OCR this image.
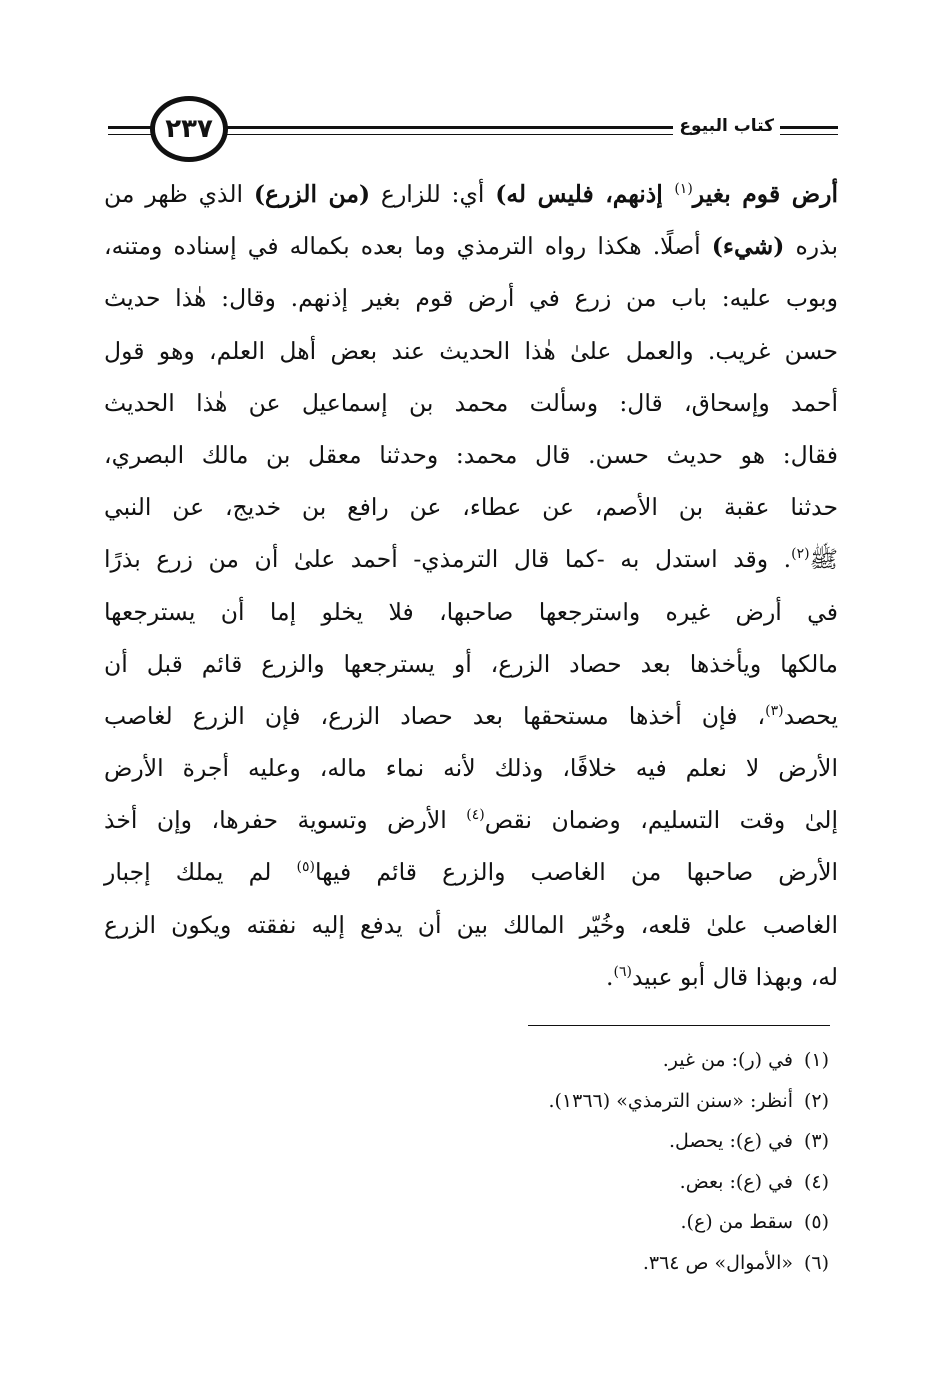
٢٣٧	كتاب البيوع
أرض قوم بغير$^{(١)}$ إذنهم، فليس له) أي: للزارع (من الزرع) الذي ظهر من
بذره (شيء) أصلًا. هكذا رواه الترمذي وما بعده بكماله في إسناده ومتنه،
وبوب عليه: باب من زرع في أرض قوم بغير إذنهم. وقال: هٰذا حديث
حسن غريب. والعمل علىٰ هٰذا الحديث عند بعض أهل العلم، وهو قول
أحمد وإسحاق، قال: وسألت محمد بن إسماعيل عن هٰذا الحديث
فقال: هو حديث حسن. قال محمد: وحدثنا معقل بن مالك البصري،
حدثنا عقبة بن الأصم، عن عطاء، عن رافع بن خديج، عن النبي
ﷺ$^{(٢)}$. وقد استدل به -كما قال الترمذي- أحمد علىٰ أن من زرع بذرًا
في أرض غيره واسترجعها صاحبها، فلا يخلو إما أن يسترجعها
مالكها ويأخذها بعد حصاد الزرع، أو يسترجعها والزرع قائم قبل أن
يحصد$^{(٣)}$، فإن أخذها مستحقها بعد حصاد الزرع، فإن الزرع لغاصب
الأرض لا نعلم فيه خلافًا، وذلك لأنه نماء ماله، وعليه أجرة الأرض
إلىٰ وقت التسليم، وضمان نقص$^{(٤)}$ الأرض وتسوية حفرها، وإن أخذ
الأرض صاحبها من الغاصب والزرع قائم فيها$^{(٥)}$ لم يملك إجبار
الغاصب علىٰ قلعه، وخُيّر المالك بين أن يدفع إليه نفقته ويكون الزرع
له، وبهذا قال أبو عبيد$^{(٦)}$.
(١)في (ر): من غير.
(٢)أنظر: «سنن الترمذي» (١٣٦٦).
(٣)في (ع): يحصل.
(٤)في (ع): بعض.
(٥)سقط من (ع).
(٦)«الأموال» ص ٣٦٤.
